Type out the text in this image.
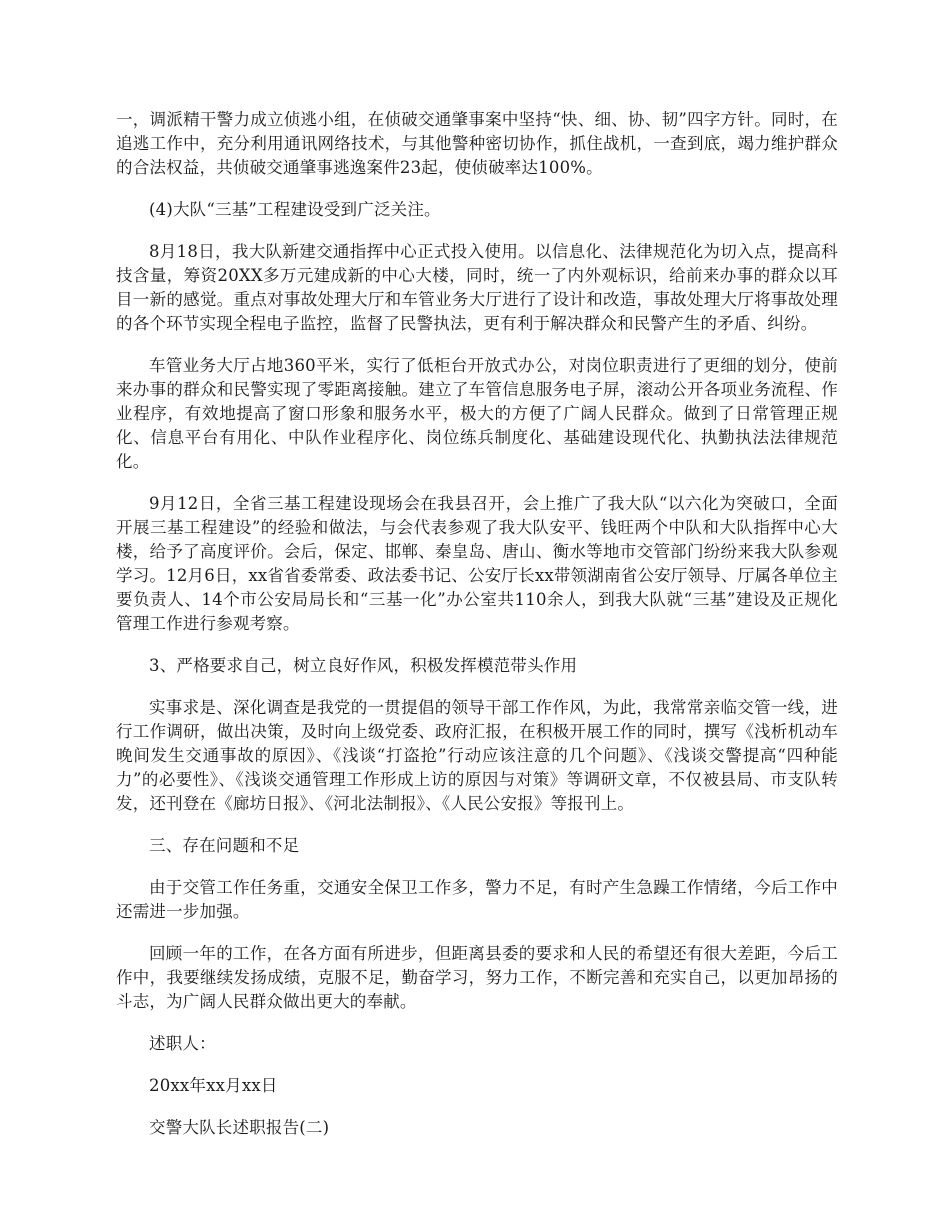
一，调派精干警力成立侦逃小组，在侦破交通肇事案中坚持“快、细、协、韧”四字方针。同时，在追逃工作中，充分利用通讯网络技术，与其他警种密切协作，抓住战机，一查到底，竭力维护群众的合法权益，共侦破交通肇事逃逸案件23起，使侦破率达100%。

(4)大队“三基”工程建设受到广泛关注。

8月18日，我大队新建交通指挥中心正式投入使用。以信息化、法律规范化为切入点，提高科技含量，筹资20XX多万元建成新的中心大楼，同时，统一了内外观标识，给前来办事的群众以耳目一新的感觉。重点对事故处理大厅和车管业务大厅进行了设计和改造，事故处理大厅将事故处理的各个环节实现全程电子监控，监督了民警执法，更有利于解决群众和民警产生的矛盾、纠纷。

车管业务大厅占地360平米，实行了低柜台开放式办公，对岗位职责进行了更细的划分，使前来办事的群众和民警实现了零距离接触。建立了车管信息服务电子屏，滚动公开各项业务流程、作业程序，有效地提高了窗口形象和服务水平，极大的方便了广阔人民群众。做到了日常管理正规化、信息平台有用化、中队作业程序化、岗位练兵制度化、基础建设现代化、执勤执法法律规范化。

9月12日，全省三基工程建设现场会在我县召开，会上推广了我大队“以六化为突破口，全面开展三基工程建设”的经验和做法，与会代表参观了我大队安平、钱旺两个中队和大队指挥中心大楼，给予了高度评价。会后，保定、邯郸、秦皇岛、唐山、衡水等地市交管部门纷纷来我大队参观学习。12月6日，xx省省委常委、政法委书记、公安厅长xx带领湖南省公安厅领导、厅属各单位主要负责人、14个市公安局局长和“三基一化”办公室共110余人，到我大队就“三基”建设及正规化管理工作进行参观考察。

3、严格要求自己，树立良好作风，积极发挥模范带头作用

实事求是、深化调查是我党的一贯提倡的领导干部工作作风，为此，我常常亲临交管一线，进行工作调研，做出决策，及时向上级党委、政府汇报，在积极开展工作的同时，撰写《浅析机动车晚间发生交通事故的原因》、《浅谈“打盗抢”行动应该注意的几个问题》、《浅谈交警提高“四种能力”的必要性》、《浅谈交通管理工作形成上访的原因与对策》等调研文章，不仅被县局、市支队转发，还刊登在《廊坊日报》、《河北法制报》、《人民公安报》等报刊上。

三、存在问题和不足

由于交管工作任务重，交通安全保卫工作多，警力不足，有时产生急躁工作情绪，今后工作中还需进一步加强。

回顾一年的工作，在各方面有所进步，但距离县委的要求和人民的希望还有很大差距，今后工作中，我要继续发扬成绩，克服不足，勤奋学习，努力工作，不断完善和充实自己，以更加昂扬的斗志，为广阔人民群众做出更大的奉献。

述职人：

20xx年xx月xx日

交警大队长述职报告(二)
